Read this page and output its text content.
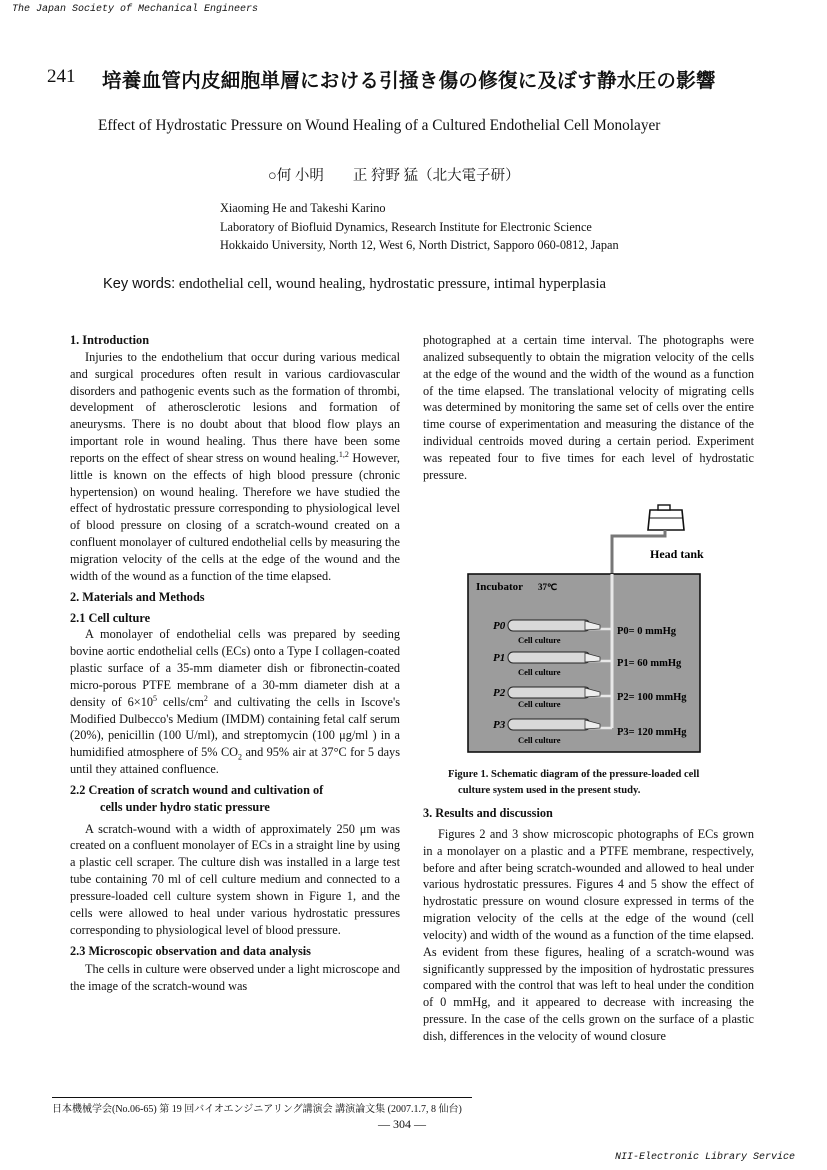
The Japan Society of Mechanical Engineers
241 培養血管内皮細胞単層における引掻き傷の修復に及ぼす静水圧の影響
Effect of Hydrostatic Pressure on Wound Healing of a Cultured Endothelial Cell Monolayer
○何 小明　　正 狩野 猛（北大電子研）
Xiaoming He and Takeshi Karino
Laboratory of Biofluid Dynamics, Research Institute for Electronic Science
Hokkaido University, North 12, West 6, North District, Sapporo 060-0812, Japan
Key words: endothelial cell, wound healing, hydrostatic pressure, intimal hyperplasia

1. Introduction

Injuries to the endothelium that occur during various medical and surgical procedures often result in various cardiovascular disorders and pathogenic events such as the formation of thrombi, development of atherosclerotic lesions and formation of aneurysms. There is no doubt about that blood flow plays an important role in wound healing. Thus there have been some reports on the effect of shear stress on wound healing.$^{1,2}$ However, little is known on the effects of high blood pressure (chronic hypertension) on wound healing. Therefore we have studied the effect of hydrostatic pressure corresponding to physiological level of blood pressure on closing of a scratch-wound created on a confluent monolayer of cultured endothelial cells by measuring the migration velocity of the cells at the edge of the wound and the width of the wound as a function of the time elapsed.

2. Materials and Methods

2.1 Cell culture

A monolayer of endothelial cells was prepared by seeding bovine aortic endothelial cells (ECs) onto a Type I collagen-coated plastic surface of a 35-mm diameter dish or fibronectin-coated micro-porous PTFE membrane of a 30-mm diameter dish at a density of $6\times 10^5$ cells/$cm^2$ and cultivating the cells in Iscove's Modified Dulbecco's Medium (IMDM) containing fetal calf serum (20%), penicillin (100 U/ml), and streptomycin (100 μg/ml ) in a humidified atmosphere of 5% $CO_2$ and 95% air at 37°C for 5 days until they attained confluence.

2.2 Creation of scratch wound and cultivation of

cells under hydro static pressure

A scratch-wound with a width of approximately 250 μm was created on a confluent monolayer of ECs in a straight line by using a plastic cell scraper. The culture dish was installed in a large test tube containing 70 ml of cell culture medium and connected to a pressure-loaded cell culture system shown in Figure 1, and the cells were allowed to heal under various hydrostatic pressures corresponding to physiological level of blood pressure.

2.3 Microscopic observation and data analysis

The cells in culture were observed under a light microscope and the image of the scratch-wound was

photographed at a certain time interval. The photographs were analized subsequently to obtain the migration velocity of the cells at the edge of the wound and the width of the wound as a function of the time elapsed. The translational velocity of migrating cells was determined by monitoring the same set of cells over the entire time course of experimentation and measuring the distance of the individual centroids moved during a certain period. Experiment was repeated four to five times for each level of hydrostatic pressure.

Head tank
Incubator 37℃
P0
P1
P2
P3
Cell culture
Cell culture
Cell culture
Cell culture
P0= 0 mmHg
P1= 60 mmHg
P2= 100 mmHg
P3= 120 mmHg
Figure 1. Schematic diagram of the pressure-loaded cell
culture system used in the present study.

3. Results and discussion

Figures 2 and 3 show microscopic photographs of ECs grown in a monolayer on a plastic and a PTFE membrane, respectively, before and after being scratch-wounded and allowed to heal under various hydrostatic pressures. Figures 4 and 5 show the effect of hydrostatic pressure on wound closure expressed in terms of the migration velocity of the cells at the edge of the wound (cell velocity) and width of the wound as a function of the time elapsed. As evident from these figures, healing of a scratch-wound was significantly suppressed by the imposition of hydrostatic pressures compared with the control that was left to heal under the condition of 0 mmHg, and it appeared to decrease with increasing the pressure. In the case of the cells grown on the surface of a plastic dish, differences in the velocity of wound closure

日本機械学会(No.06-65) 第 19 回バイオエンジニアリング講演会 講演論文集 (2007.1.7, 8 仙台)
— 304 —
NII-Electronic Library Service
